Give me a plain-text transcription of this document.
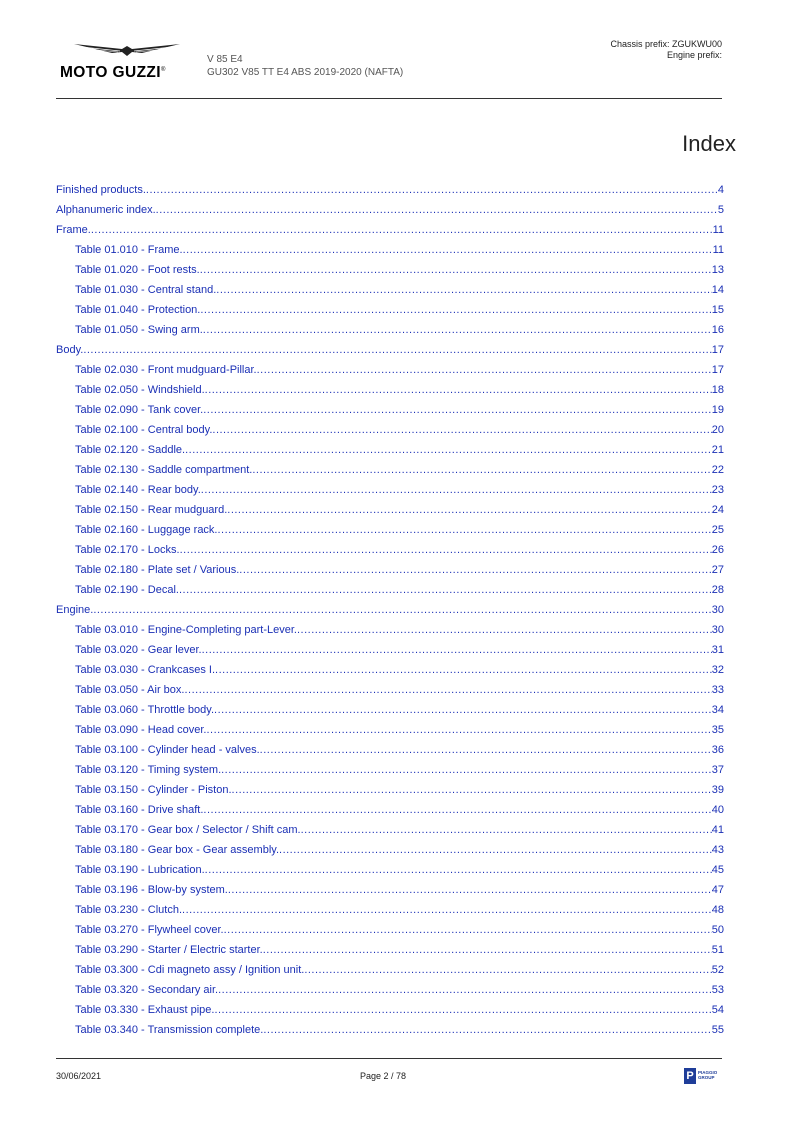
MOTO GUZZI®
V 85 E4
GU302 V85 TT E4 ABS 2019-2020 (NAFTA)
Chassis prefix: ZGUKWU00
Engine prefix:
Index
Finished products. .....	4
Alphanumeric index. .....	5
Frame. .....	11
Table 01.010 - Frame. .....	11
Table 01.020 - Foot rests. .....	13
Table 01.030 - Central stand. .....	14
Table 01.040 - Protection. .....	15
Table 01.050 - Swing arm. .....	16
Body. .....	17
Table 02.030 - Front mudguard-Pillar. .....	17
Table 02.050 - Windshield. .....	18
Table 02.090 - Tank cover. .....	19
Table 02.100 - Central body. .....	20
Table 02.120 - Saddle. .....	21
Table 02.130 - Saddle compartment. .....	22
Table 02.140 - Rear body. .....	23
Table 02.150 - Rear mudguard. .....	24
Table 02.160 - Luggage rack. .....	25
Table 02.170 - Locks. .....	26
Table 02.180 - Plate set / Various. .....	27
Table 02.190 - Decal. .....	28
Engine. .....	30
Table 03.010 - Engine-Completing part-Lever. .....	30
Table 03.020 - Gear lever. .....	31
Table 03.030 - Crankcases I. .....	32
Table 03.050 - Air box. .....	33
Table 03.060 - Throttle body. .....	34
Table 03.090 - Head cover. .....	35
Table 03.100 - Cylinder head - valves. .....	36
Table 03.120 - Timing system. .....	37
Table 03.150 - Cylinder - Piston. .....	39
Table 03.160 - Drive shaft. .....	40
Table 03.170 - Gear box / Selector / Shift cam. .....	41
Table 03.180 - Gear box - Gear assembly. .....	43
Table 03.190 - Lubrication. .....	45
Table 03.196 - Blow-by system. .....	47
Table 03.230 - Clutch. .....	48
Table 03.270 - Flywheel cover. .....	50
Table 03.290 - Starter / Electric starter. .....	51
Table 03.300 - Cdi magneto assy / Ignition unit. .....	52
Table 03.320 - Secondary air. .....	53
Table 03.330 - Exhaust pipe. .....	54
Table 03.340 - Transmission complete. .....	55
30/06/2021	Page 2 / 78	P PIAGGIO
GROUP
